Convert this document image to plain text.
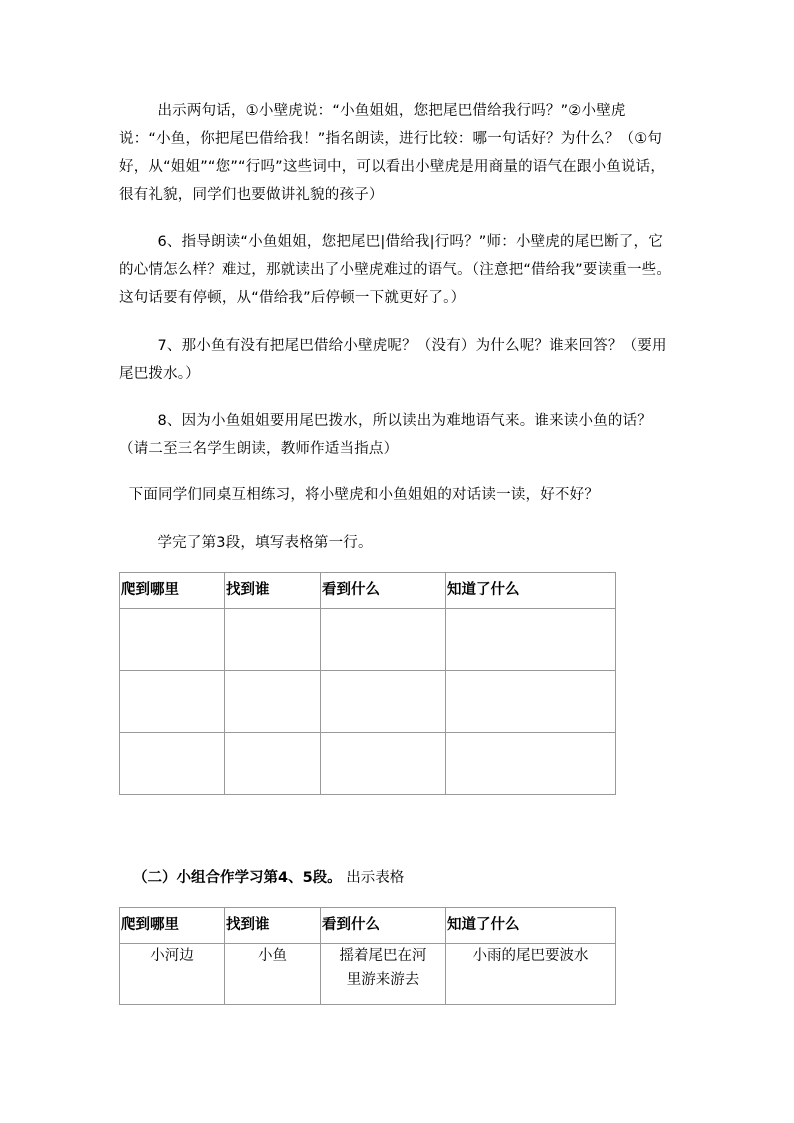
出示两句话，①小壁虎说：“小鱼姐姐，您把尾巴借给我行吗？”②小壁虎说：“小鱼，你把尾巴借给我！”指名朗读，进行比较：哪一句话好？为什么？（①句好，从“姐姐”“您”“行吗”这些词中，可以看出小壁虎是用商量的语气在跟小鱼说话，很有礼貌，同学们也要做讲礼貌的孩子）

6、指导朗读“小鱼姐姐，您把尾巴|借给我|行吗？”师：小壁虎的尾巴断了，它的心情怎么样？难过，那就读出了小壁虎难过的语气。（注意把“借给我”要读重一些。这句话要有停顿，从“借给我”后停顿一下就更好了。）

7、那小鱼有没有把尾巴借给小壁虎呢？（没有）为什么呢？谁来回答？（要用尾巴拨水。）

8、因为小鱼姐姐要用尾巴拨水，所以读出为难地语气来。谁来读小鱼的话？（请二至三名学生朗读，教师作适当指点）

下面同学们同桌互相练习，将小壁虎和小鱼姐姐的对话读一读，好不好？

学完了第3段，填写表格第一行。

爬到哪里	找到谁	看到什么	知道了什么

（二）小组合作学习第4、5段。 出示表格

爬到哪里	找到谁	看到什么	知道了什么
小河边	小鱼	摇着尾巴在河里游来游去	小雨的尾巴要波水
